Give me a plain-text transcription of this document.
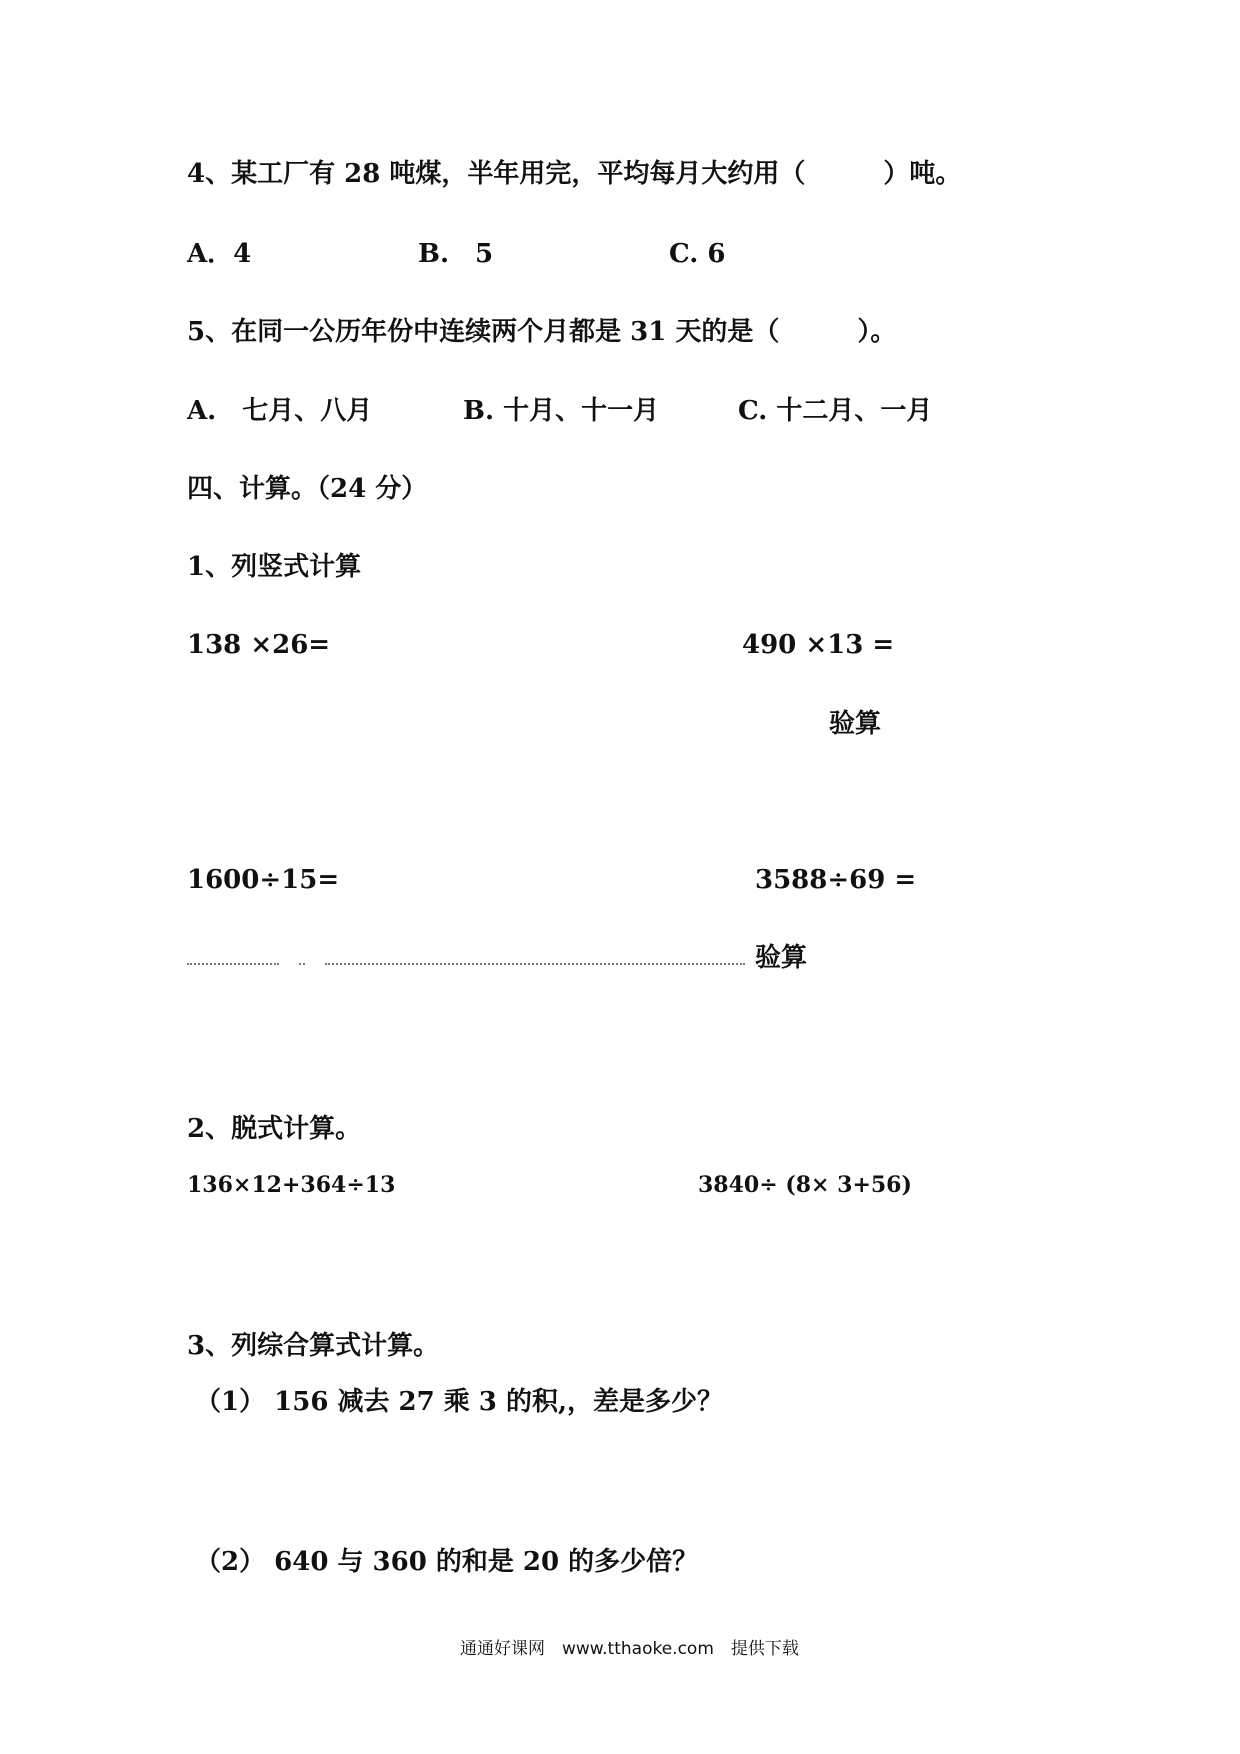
4、某工厂有 28 吨煤，半年用完，平均每月大约用（　　　）吨。
A．4	B.　5	C. 6
5、在同一公历年份中连续两个月都是 31 天的是（　　　）。
A.　七月、八月	B. 十月、十一月	C. 十二月、一月
四、计算。（24 分）
1、列竖式计算
138 ×26=	490 ×13 =
验算
1600÷15=	3588÷69 =
验算
2、脱式计算。
136×12+364÷13	3840÷ (8× 3+56)
3、列综合算式计算。
（1） 156 减去 27 乘 3 的积,，差是多少？
（2） 640 与 360 的和是 20 的多少倍？
通通好课网　www.tthaoke.com　提供下载
